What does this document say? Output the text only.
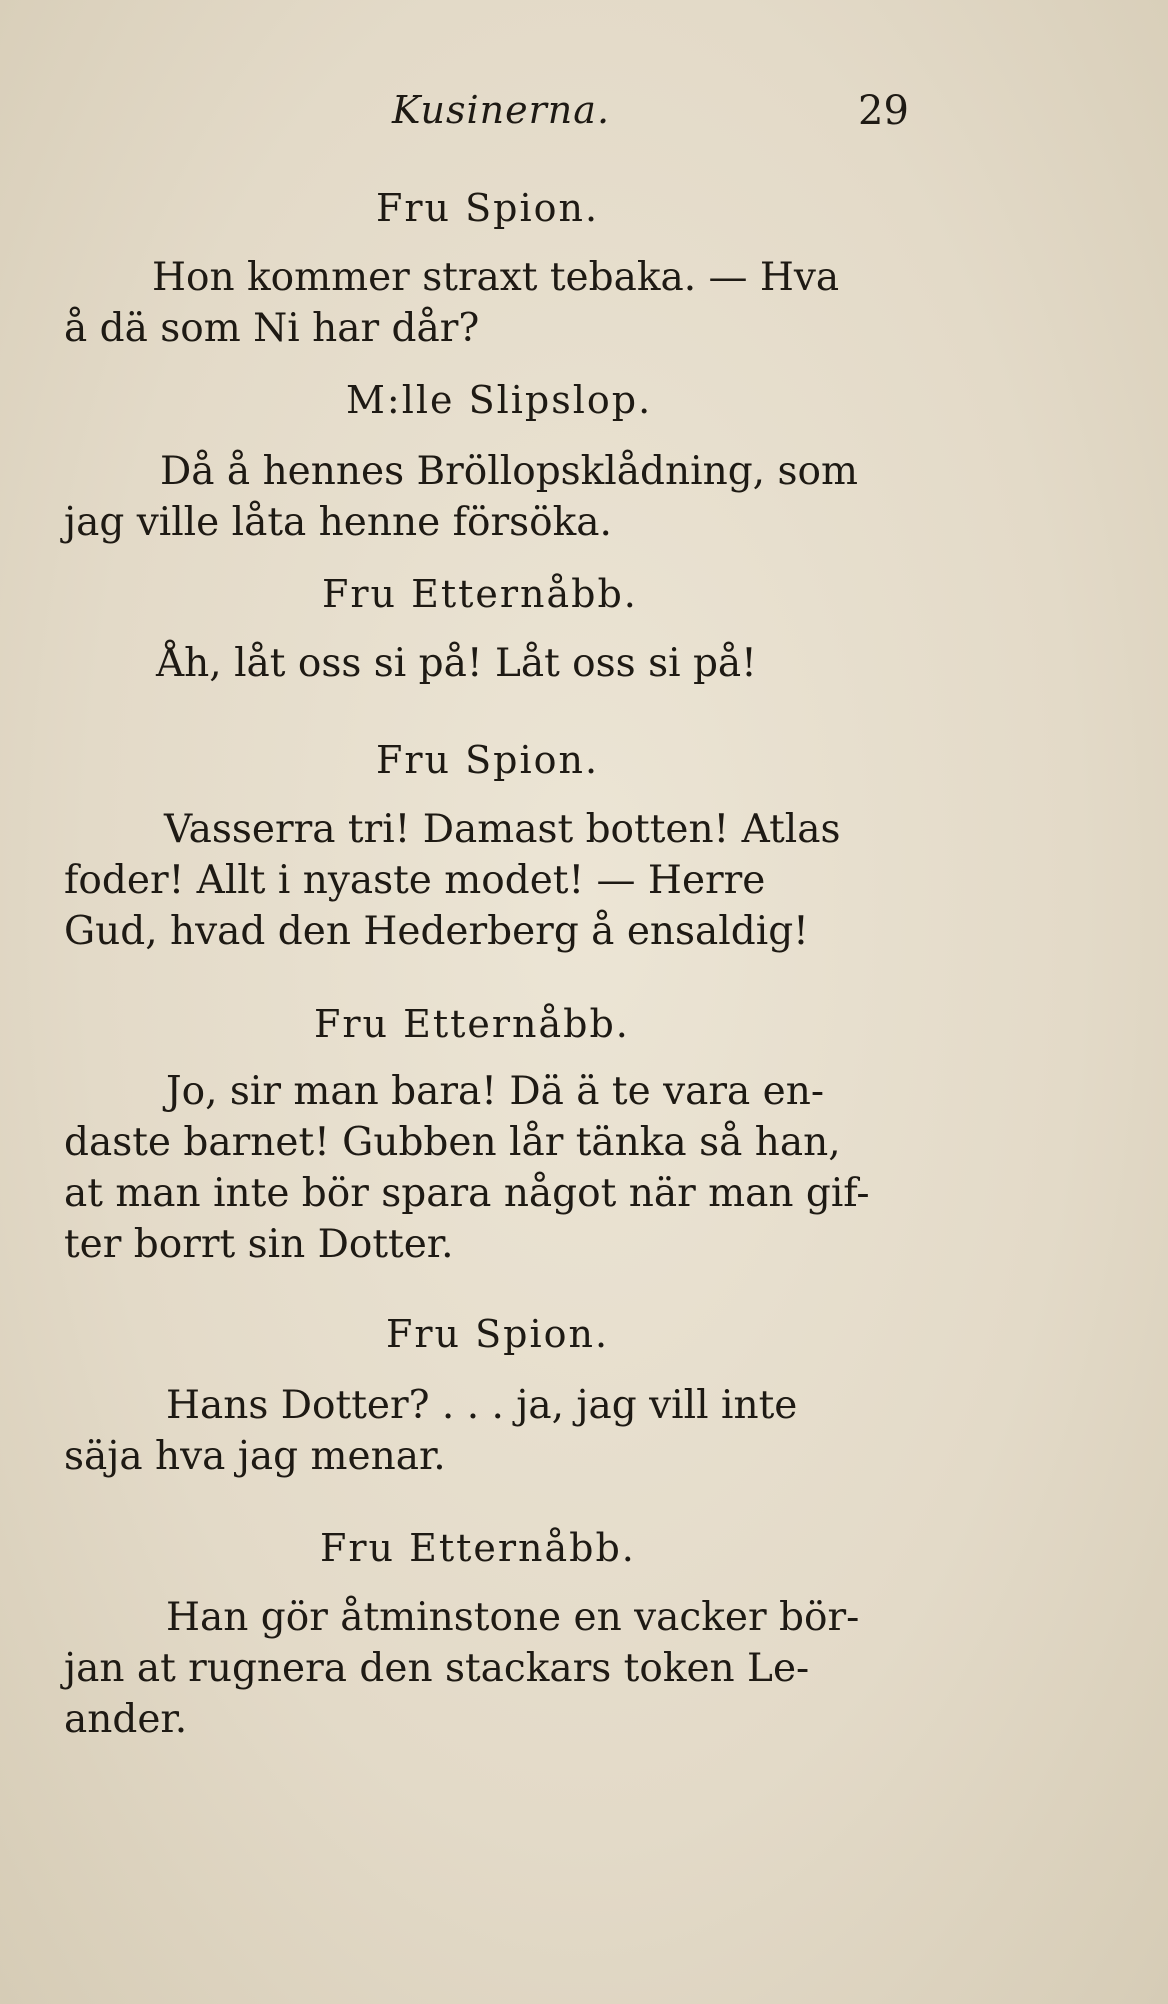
Kusinerna.	29
Fru Spion.
Hon kommer straxt tebaka. — Hva
å dä som Ni har dår?
M:lle Slipslop.
Då å hennes Bröllopsklådning, som
jag ville låta henne försöka.
Fru Etternåbb.
Åh, låt oss si på! Låt oss si på!
Fru Spion.
Vasserra tri! Damast botten! Atlas
foder! Allt i nyaste modet! — Herre
Gud, hvad den Hederberg å ensaldig!
Fru Etternåbb.
Jo, sir man bara! Dä ä te vara en-
daste barnet! Gubben lår tänka så han,
at man inte bör spara något när man gif-
ter borrt sin Dotter.
Fru Spion.
Hans Dotter? . . . ja, jag vill inte
säja hva jag menar.
Fru Etternåbb.
Han gör åtminstone en vacker bör-
jan at rugnera den stackars token Le-
ander.
